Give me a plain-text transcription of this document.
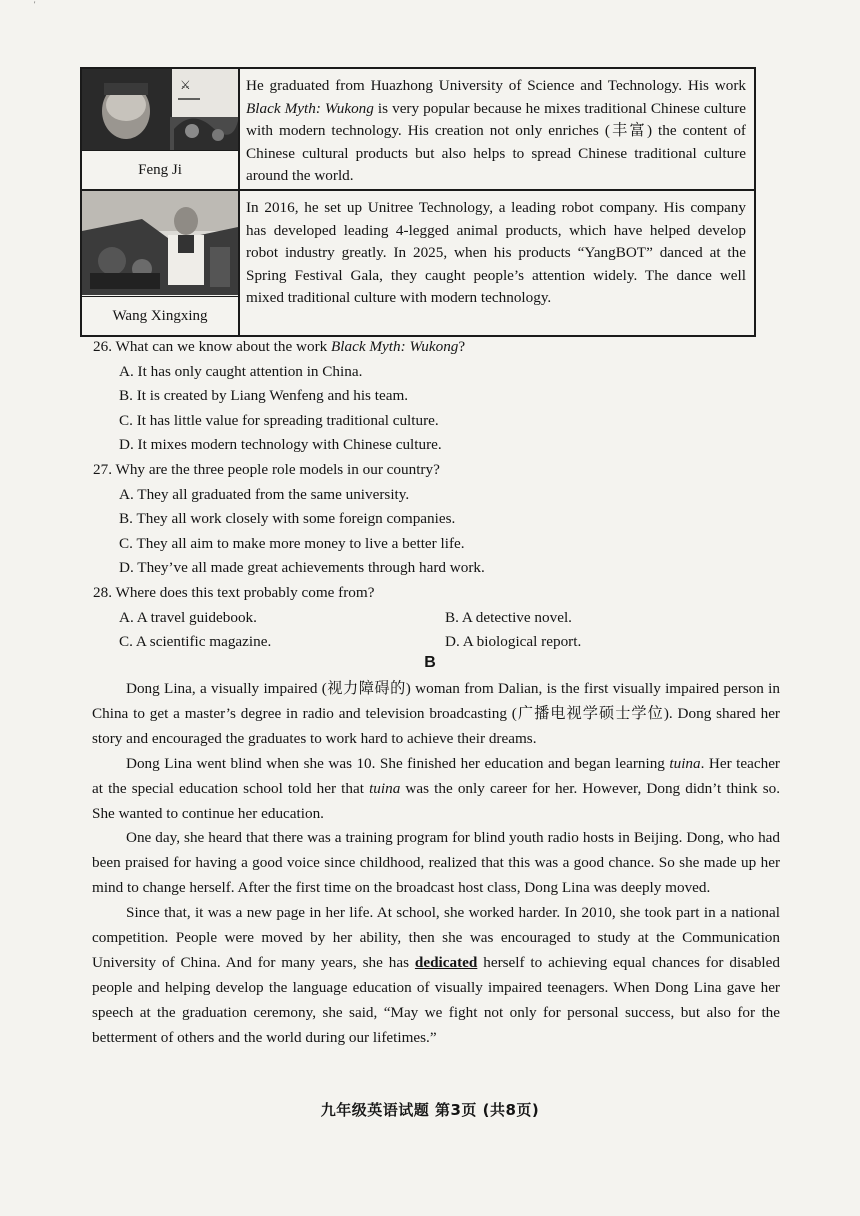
'
⚔
Feng Ji
He graduated from Huazhong University of Science and Technology. His work Black Myth: Wukong is very popular because he mixes traditional Chinese culture with modern technology. His creation not only enriches (丰富) the content of Chinese cultural products but also helps to spread Chinese traditional culture around the world.
Wang Xingxing
In 2016, he set up Unitree Technology, a leading robot company. His company has developed leading 4-legged animal products, which have helped develop robot industry greatly. In 2025, when his products “YangBOT” danced at the Spring Festival Gala, they caught people’s attention widely. The dance well mixed traditional culture with modern technology.
26. What can we know about the work Black Myth: Wukong?
A. It has only caught attention in China.
B. It is created by Liang Wenfeng and his team.
C. It has little value for spreading traditional culture.
D. It mixes modern technology with Chinese culture.
27. Why are the three people role models in our country?
A. They all graduated from the same university.
B. They all work closely with some foreign companies.
C. They all aim to make more money to live a better life.
D. They’ve all made great achievements through hard work.
28. Where does this text probably come from?
A. A travel guidebook.	B. A detective novel.
C. A scientific magazine.	D. A biological report.
B

Dong Lina, a visually impaired (视力障碍的) woman from Dalian, is the first visually impaired person in China to get a master’s degree in radio and television broadcasting (广播电视学硕士学位). Dong shared her story and encouraged the graduates to work hard to achieve their dreams.

Dong Lina went blind when she was 10. She finished her education and began learning tuina. Her teacher at the special education school told her that tuina was the only career for her. However, Dong didn’t think so. She wanted to continue her education.

One day, she heard that there was a training program for blind youth radio hosts in Beijing. Dong, who had been praised for having a good voice since childhood, realized that this was a good chance. So she made up her mind to change herself. After the first time on the broadcast host class, Dong Lina was deeply moved.

Since that, it was a new page in her life. At school, she worked harder. In 2010, she took part in a national competition. People were moved by her ability, then she was encouraged to study at the Communication University of China. And for many years, she has dedicated herself to achieving equal chances for disabled people and helping develop the language education of visually impaired teenagers. When Dong Lina gave her speech at the graduation ceremony, she said, “May we fight not only for personal success, but also for the betterment of others and the world during our lifetimes.”

九年级英语试题 第3页 (共8页)
